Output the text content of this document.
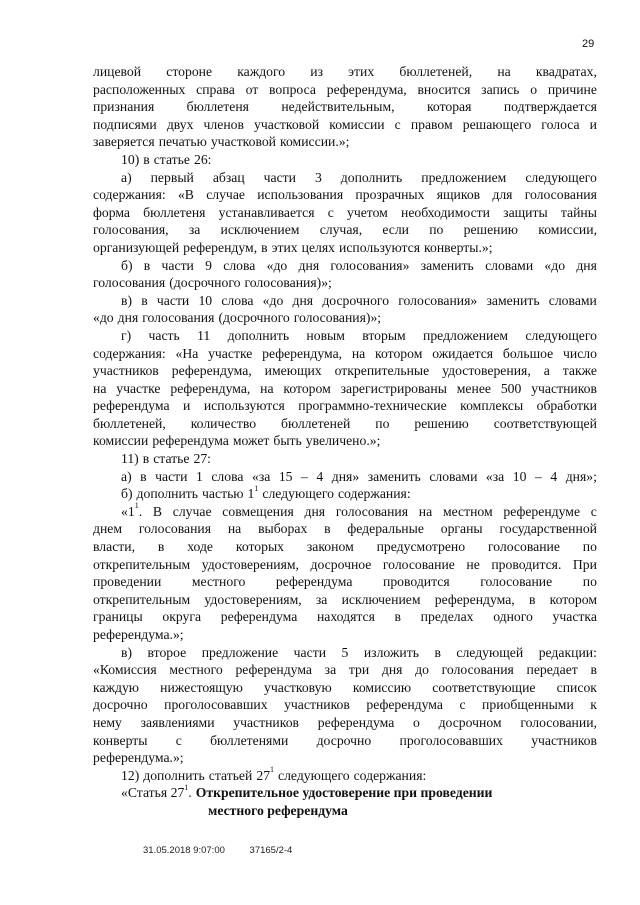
29
лицевой стороне каждого из этих бюллетеней, на квадратах,
расположенных справа от вопроса референдума, вносится запись о причине
признания бюллетеня недействительным, которая подтверждается
подписями двух членов участковой комиссии с правом решающего голоса и
заверяется печатью участковой комиссии.»;
10) в статье 26:
а) первый абзац части 3 дополнить предложением следующего
содержания: «В случае использования прозрачных ящиков для голосования
форма бюллетеня устанавливается с учетом необходимости защиты тайны
голосования, за исключением случая, если по решению комиссии,
организующей референдум, в этих целях используются конверты.»;
б) в части 9 слова «до дня голосования» заменить словами «до дня
голосования (досрочного голосования)»;
в) в части 10 слова «до дня досрочного голосования» заменить словами
«до дня голосования (досрочного голосования)»;
г) часть 11 дополнить новым вторым предложением следующего
содержания: «На участке референдума, на котором ожидается большое число
участников референдума, имеющих открепительные удостоверения, а также
на участке референдума, на котором зарегистрированы менее 500 участников
референдума и используются программно-технические комплексы обработки
бюллетеней, количество бюллетеней по решению соответствующей
комиссии референдума может быть увеличено.»;
11) в статье 27:
а) в части 1 слова «за 15 – 4 дня» заменить словами «за 10 – 4 дня»;
б) дополнить частью $1^1$ следующего содержания:
«$1^1$. В случае совмещения дня голосования на местном референдуме с
днем голосования на выборах в федеральные органы государственной
власти, в ходе которых законом предусмотрено голосование по
открепительным удостоверениям, досрочное голосование не проводится. При
проведении местного референдума проводится голосование по
открепительным удостоверениям, за исключением референдума, в котором
границы округа референдума находятся в пределах одного участка
референдума.»;
в) второе предложение части 5 изложить в следующей редакции:
«Комиссия местного референдума за три дня до голосования передает в
каждую нижестоящую участковую комиссию соответствующие список
досрочно проголосовавших участников референдума с приобщенными к
нему заявлениями участников референдума о досрочном голосовании,
конверты с бюллетенями досрочно проголосовавших участников
референдума.»;
12) дополнить статьей $27^1$ следующего содержания:
«Статья $27^1$. Открепительное удостоверение при проведении
местного референдума
31.05.2018 9:07:00	37165/2-4
